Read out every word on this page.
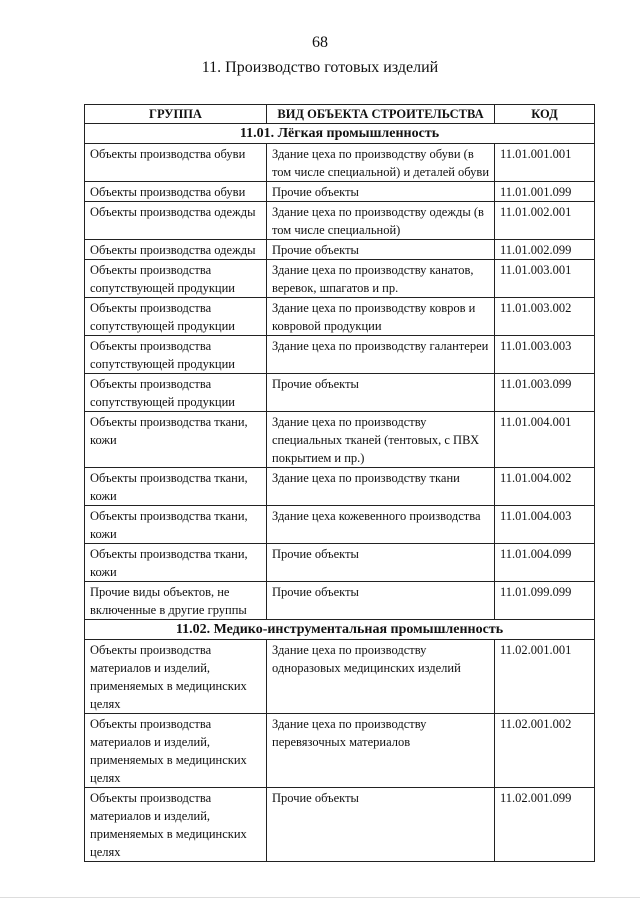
68
11. Производство готовых изделий
ГРУППА	ВИД ОБЪЕКТА СТРОИТЕЛЬСТВА	КОД
11.01. Лёгкая промышленность		
Объекты производства обуви	Здание цеха по производству обуви (в том числе специальной) и деталей обуви	11.01.001.001
Объекты производства обуви	Прочие объекты	11.01.001.099
Объекты производства одежды	Здание цеха по производству одежды (в том числе специальной)	11.01.002.001
Объекты производства одежды	Прочие объекты	11.01.002.099
Объекты производства сопутствующей продукции	Здание цеха по производству канатов, веревок, шпагатов и пр.	11.01.003.001
Объекты производства сопутствующей продукции	Здание цеха по производству ковров и ковровой продукции	11.01.003.002
Объекты производства сопутствующей продукции	Здание цеха по производству галантереи	11.01.003.003
Объекты производства сопутствующей продукции	Прочие объекты	11.01.003.099
Объекты производства ткани, кожи	Здание цеха по производству специальных тканей (тентовых, с ПВХ покрытием и пр.)	11.01.004.001
Объекты производства ткани, кожи	Здание цеха по производству ткани	11.01.004.002
Объекты производства ткани, кожи	Здание цеха кожевенного производства	11.01.004.003
Объекты производства ткани, кожи	Прочие объекты	11.01.004.099
Прочие виды объектов, не включенные в другие группы	Прочие объекты	11.01.099.099
11.02. Медико-инструментальная промышленность		
Объекты производства материалов и изделий, применяемых в медицинских целях	Здание цеха по производству одноразовых медицинских изделий	11.02.001.001
Объекты производства материалов и изделий, применяемых в медицинских целях	Здание цеха по производству перевязочных материалов	11.02.001.002
Объекты производства материалов и изделий, применяемых в медицинских целях	Прочие объекты	11.02.001.099
